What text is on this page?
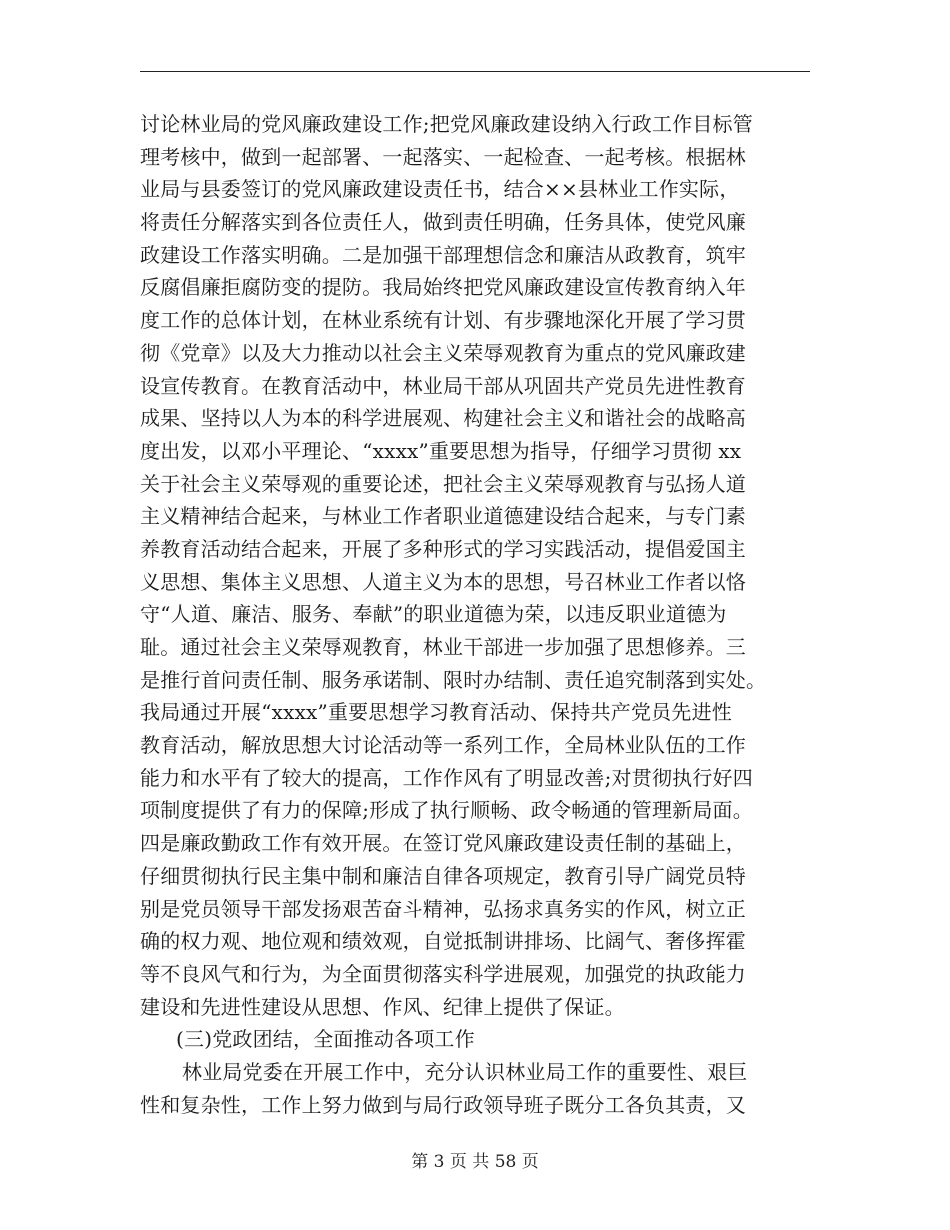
讨论林业局的党风廉政建设工作;把党风廉政建设纳入行政工作目标管
理考核中，做到一起部署、一起落实、一起检查、一起考核。根据林
业局与县委签订的党风廉政建设责任书，结合××县林业工作实际，
将责任分解落实到各位责任人，做到责任明确，任务具体，使党风廉
政建设工作落实明确。二是加强干部理想信念和廉洁从政教育，筑牢
反腐倡廉拒腐防变的提防。我局始终把党风廉政建设宣传教育纳入年
度工作的总体计划，在林业系统有计划、有步骤地深化开展了学习贯
彻《党章》以及大力推动以社会主义荣辱观教育为重点的党风廉政建
设宣传教育。在教育活动中，林业局干部从巩固共产党员先进性教育
成果、坚持以人为本的科学进展观、构建社会主义和谐社会的战略高
度出发，以邓小平理论、“xxxx”重要思想为指导，仔细学习贯彻 xx
关于社会主义荣辱观的重要论述，把社会主义荣辱观教育与弘扬人道
主义精神结合起来，与林业工作者职业道德建设结合起来，与专门素
养教育活动结合起来，开展了多种形式的学习实践活动，提倡爱国主
义思想、集体主义思想、人道主义为本的思想，号召林业工作者以恪
守“人道、廉洁、服务、奉献”的职业道德为荣，以违反职业道德为
耻。通过社会主义荣辱观教育，林业干部进一步加强了思想修养。三
是推行首问责任制、服务承诺制、限时办结制、责任追究制落到实处。
我局通过开展“xxxx”重要思想学习教育活动、保持共产党员先进性
教育活动，解放思想大讨论活动等一系列工作，全局林业队伍的工作
能力和水平有了较大的提高，工作作风有了明显改善;对贯彻执行好四
项制度提供了有力的保障;形成了执行顺畅、政令畅通的管理新局面。
四是廉政勤政工作有效开展。在签订党风廉政建设责任制的基础上，
仔细贯彻执行民主集中制和廉洁自律各项规定，教育引导广阔党员特
别是党员领导干部发扬艰苦奋斗精神，弘扬求真务实的作风，树立正
确的权力观、地位观和绩效观，自觉抵制讲排场、比阔气、奢侈挥霍
等不良风气和行为，为全面贯彻落实科学进展观，加强党的执政能力
建设和先进性建设从思想、作风、纪律上提供了保证。
(三)党政团结，全面推动各项工作
林业局党委在开展工作中，充分认识林业局工作的重要性、艰巨
性和复杂性，工作上努力做到与局行政领导班子既分工各负其责，又
第 3 页 共 58 页
